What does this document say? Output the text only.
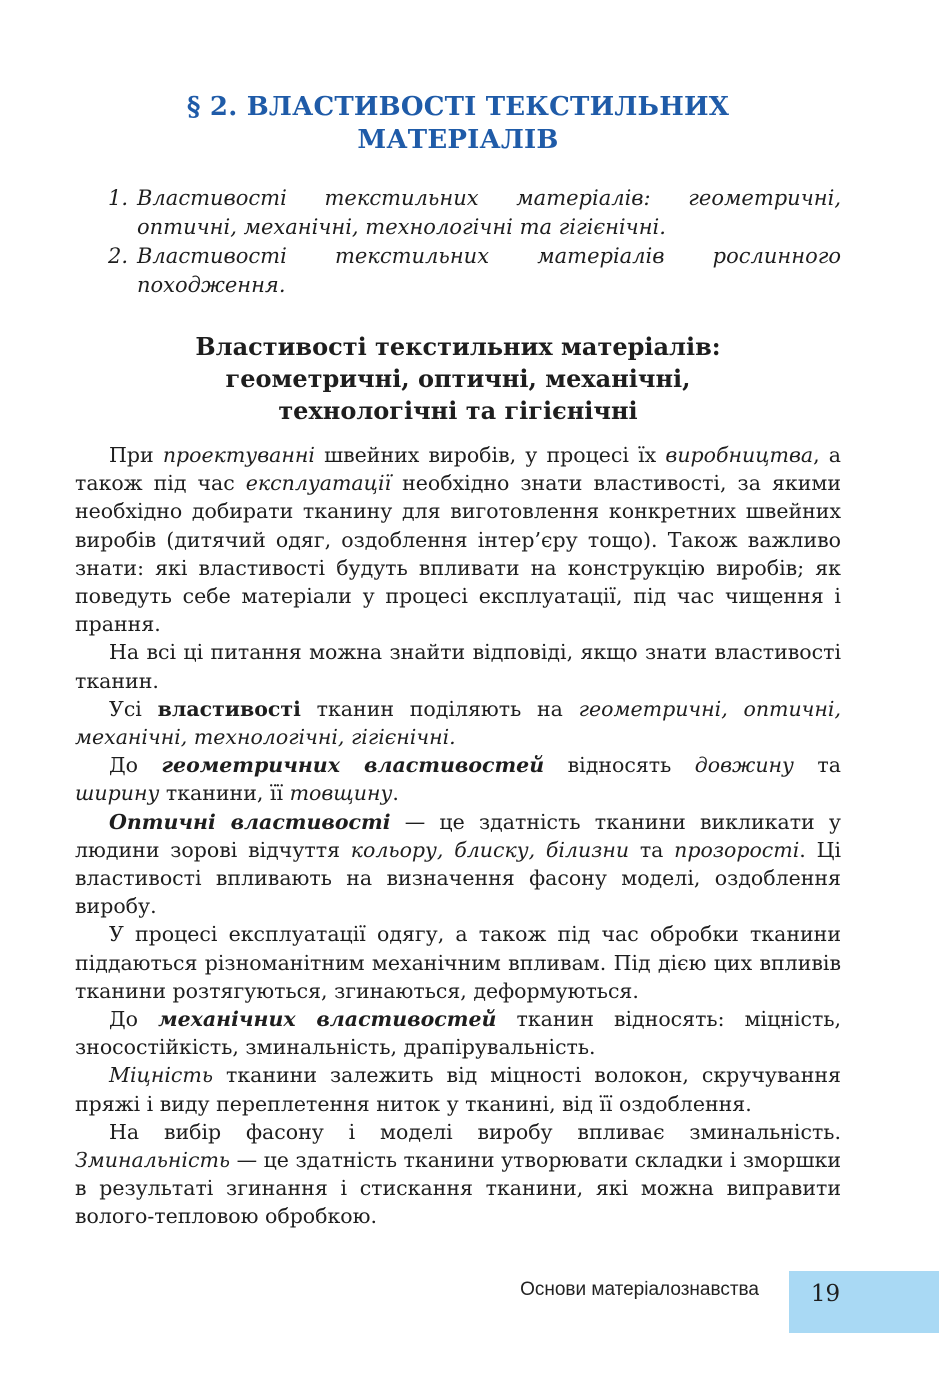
§ 2. ВЛАСТИВОСТІ ТЕКСТИЛЬНИХ
МАТЕРІАЛІВ
1. Властивості текстильних матеріалів: геометричні, оптичні, механічні, технологічні та гігієнічні.
2. Властивості текстильних матеріалів рослинного походження.
Властивості текстильних матеріалів:
геометричні, оптичні, механічні,
технологічні та гігієнічні

При проектуванні швейних виробів, у процесі їх виробництва, а також під час експлуатації необхідно знати властивості, за якими необхідно добирати тканину для виготовлення конкретних швейних виробів (дитячий одяг, оздоблення інтер’єру тощо). Також важливо знати: які властивості будуть впливати на конструкцію виробів; як поведуть себе матеріали у процесі експлуатації, під час чищення і прання.

На всі ці питання можна знайти відповіді, якщо знати властивості тканин.

Усі властивості тканин поділяють на геометричні, оптичні, механічні, технологічні, гігієнічні.

До геометричних властивостей відносять довжину та ширину тканини, її товщину.

Оптичні властивості — це здатність тканини викликати у людини зорові відчуття кольору, блиску, білизни та прозорості. Ці властивості впливають на визначення фасону моделі, оздоблення виробу.

У процесі експлуатації одягу, а також під час обробки тканини піддаються різноманітним механічним впливам. Під дією цих впливів тканини розтягуються, згинаються, деформуються.

До механічних властивостей тканин відносять: міцність, зносостійкість, зминальність, драпірувальність.

Міцність тканини залежить від міцності волокон, скручування пряжі і виду переплетення ниток у тканині, від її оздоблення.

На вибір фасону і моделі виробу впливає зминальність. Зминальність — це здатність тканини утворювати складки і зморшки в результаті згинання і стискання тканини, які можна виправити волого-тепловою обробкою.

Основи матеріалознавства	19
